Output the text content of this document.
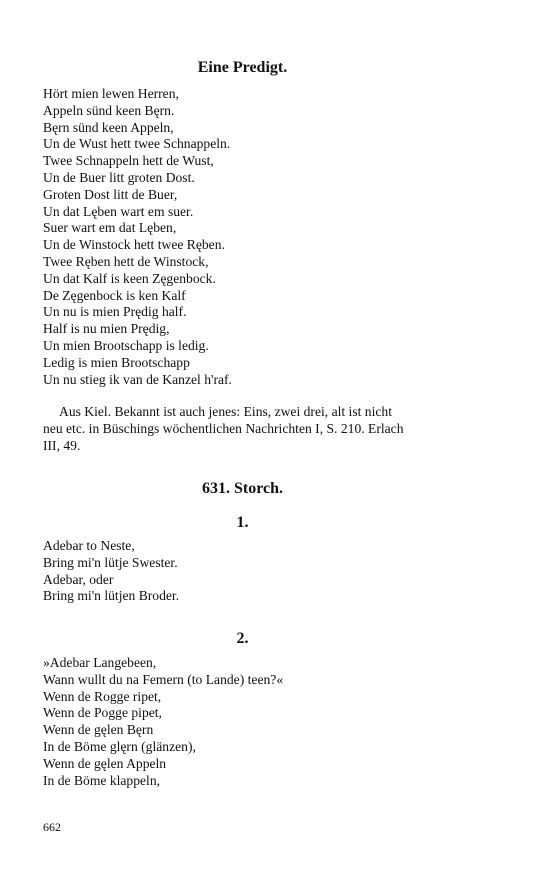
Eine Predigt.
Hört mien lewen Herren,
Appeln sünd keen Bęrn.
Bęrn sünd keen Appeln,
Un de Wust hett twee Schnappeln.
Twee Schnappeln hett de Wust,
Un de Buer litt groten Dost.
Groten Dost litt de Buer,
Un dat Lęben wart em suer.
Suer wart em dat Lęben,
Un de Winstock hett twee Ręben.
Twee Ręben hett de Winstock,
Un dat Kalf is keen Zęgenbock.
De Zęgenbock is ken Kalf
Un nu is mien Prędig half.
Half is nu mien Prędig,
Un mien Brootschapp is ledig.
Ledig is mien Brootschapp
Un nu stieg ik van de Kanzel h'raf.
Aus Kiel. Bekannt ist auch jenes: Eins, zwei drei, alt ist nicht
neu etc. in Büschings wöchentlichen Nachrichten I, S. 210. Erlach
III, 49.
631. Storch.
1.
Adebar to Neste,
Bring mi'n lütje Swester.
Adebar, oder
Bring mi'n lütjen Broder.
2.
»Adebar Langebeen,
Wann wullt du na Femern (to Lande) teen?«
Wenn de Rogge ripet,
Wenn de Pogge pipet,
Wenn de gęlen Bęrn
In de Böme glęrn (glänzen),
Wenn de gęlen Appeln
In de Böme klappeln,
662
